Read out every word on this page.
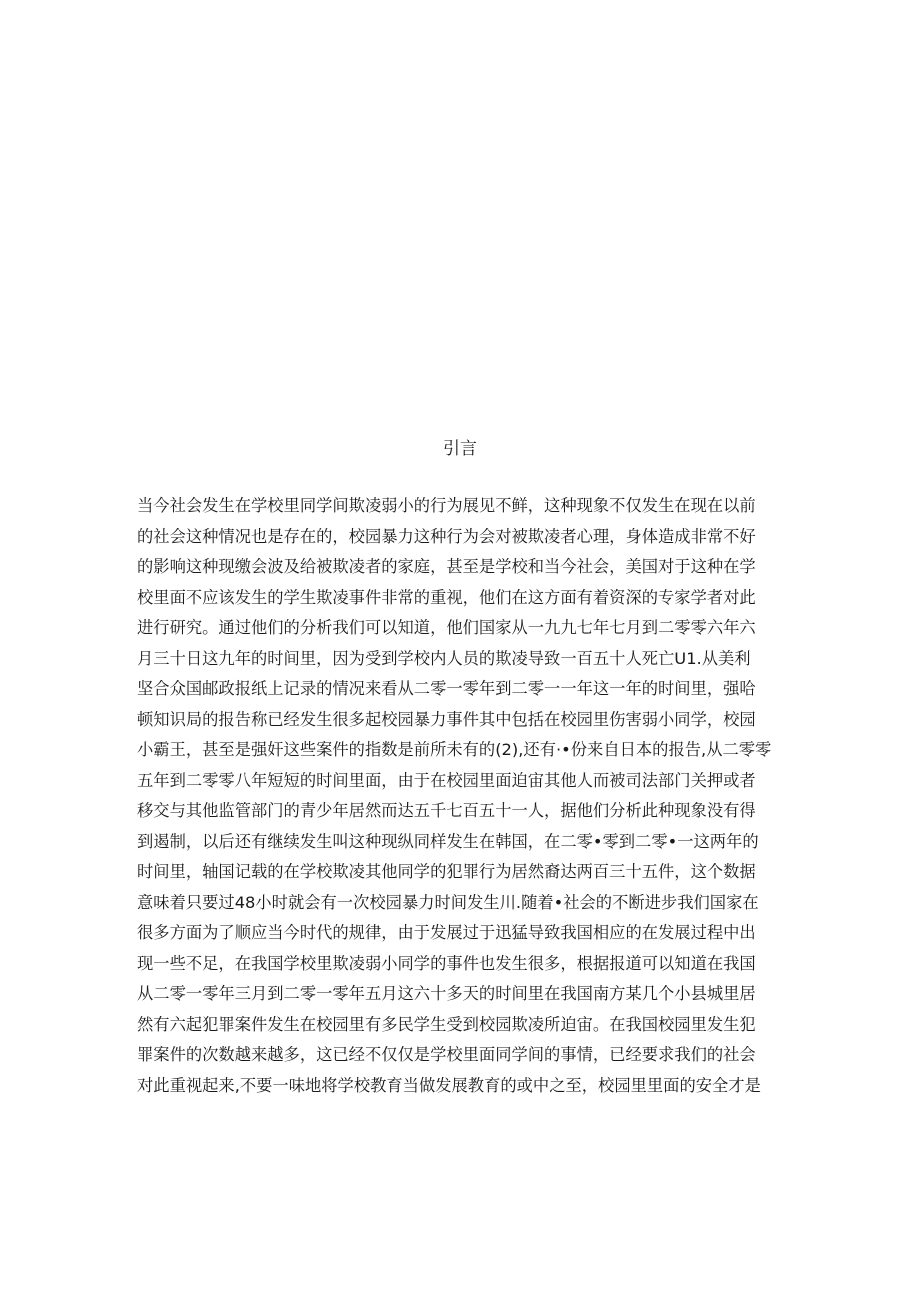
引言
当今社会发生在学校里同学间欺凌弱小的行为展见不鲜，这种现象不仅发生在现在以前
的社会这种情况也是存在的，校园暴力这种行为会对被欺凌者心理，身体造成非常不好
的影响这种现缴会波及给被欺凌者的家庭，甚至是学校和当今社会，美国对于这种在学
校里面不应该发生的学生欺凌事件非常的重视，他们在这方面有着资深的专家学者对此
进行研究。通过他们的分析我们可以知道，他们国家从一九九七年七月到二零零六年六
月三十日这九年的时间里，因为受到学校内人员的欺凌导致一百五十人死亡U1.从美利
坚合众国邮政报纸上记录的情况来看从二零一零年到二零一一年这一年的时间里，强哈
顿知识局的报告称已经发生很多起校园暴力事件其中包括在校园里伤害弱小同学，校园
小霸王，甚至是强奸这些案件的指数是前所未有的(2),还有·•份来自日本的报告,从二零零
五年到二零零八年短短的时间里面，由于在校园里面迫宙其他人而被司法部门关押或者
移交与其他监管部门的青少年居然而达五千七百五十一人，据他们分析此种现象没有得
到遏制，以后还有继续发生叫这种现纵同样发生在韩国，在二零•零到二零•一这两年的
时间里，轴国记载的在学校欺凌其他同学的犯罪行为居然裔达两百三十五件，这个数据
意味着只要过48小时就会有一次校园暴力时间发生川.随着•社会的不断进步我们国家在
很多方面为了顺应当今时代的规律，由于发展过于迅猛导致我国相应的在发展过程中出
现一些不足，在我国学校里欺凌弱小同学的事件也发生很多，根据报道可以知道在我国
从二零一零年三月到二零一零年五月这六十多天的时间里在我国南方某几个小县城里居
然有六起犯罪案件发生在校园里有多民学生受到校园欺凌所迫宙。在我国校园里发生犯
罪案件的次数越来越多，这已经不仅仅是学校里面同学间的事情，已经要求我们的社会
对此重视起来,不要一味地将学校教育当做发展教育的或中之至，校园里里面的安全才是
